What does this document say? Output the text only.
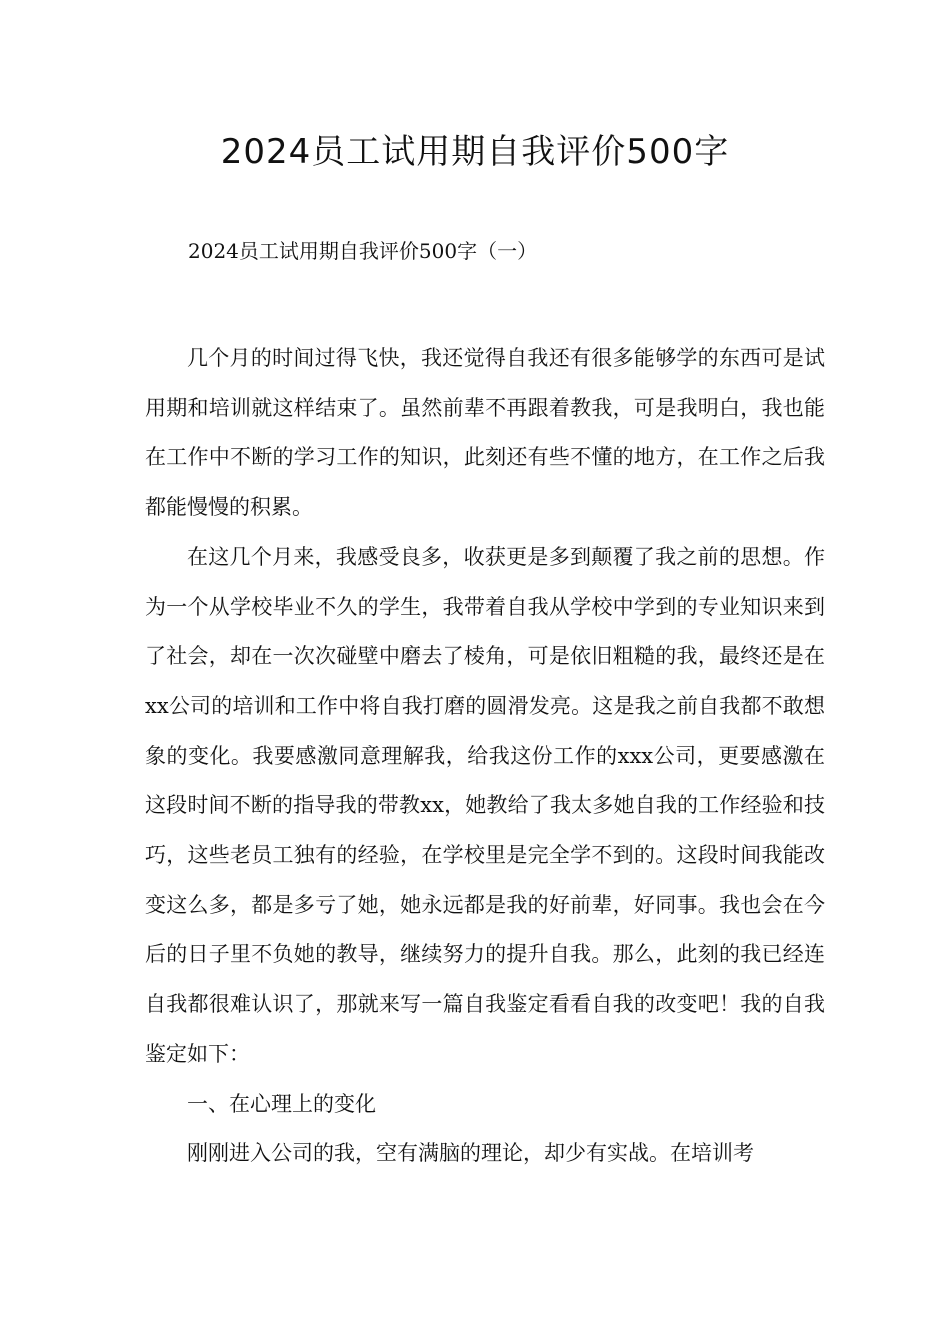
2024员工试用期自我评价500字
2024员工试用期自我评价500字（一）

几个月的时间过得飞快，我还觉得自我还有很多能够学的东西可是试用期和培训就这样结束了。虽然前辈不再跟着教我，可是我明白，我也能在工作中不断的学习工作的知识，此刻还有些不懂的地方，在工作之后我都能慢慢的积累。

在这几个月来，我感受良多，收获更是多到颠覆了我之前的思想。作为一个从学校毕业不久的学生，我带着自我从学校中学到的专业知识来到了社会，却在一次次碰壁中磨去了棱角，可是依旧粗糙的我，最终还是在xx公司的培训和工作中将自我打磨的圆滑发亮。这是我之前自我都不敢想象的变化。我要感激同意理解我，给我这份工作的xxx公司，更要感激在这段时间不断的指导我的带教xx，她教给了我太多她自我的工作经验和技巧，这些老员工独有的经验，在学校里是完全学不到的。这段时间我能改变这么多，都是多亏了她，她永远都是我的好前辈，好同事。我也会在今后的日子里不负她的教导，继续努力的提升自我。那么，此刻的我已经连自我都很难认识了，那就来写一篇自我鉴定看看自我的改变吧！我的自我鉴定如下：

一、在心理上的变化

刚刚进入公司的我，空有满脑的理论，却少有实战。在培训考
